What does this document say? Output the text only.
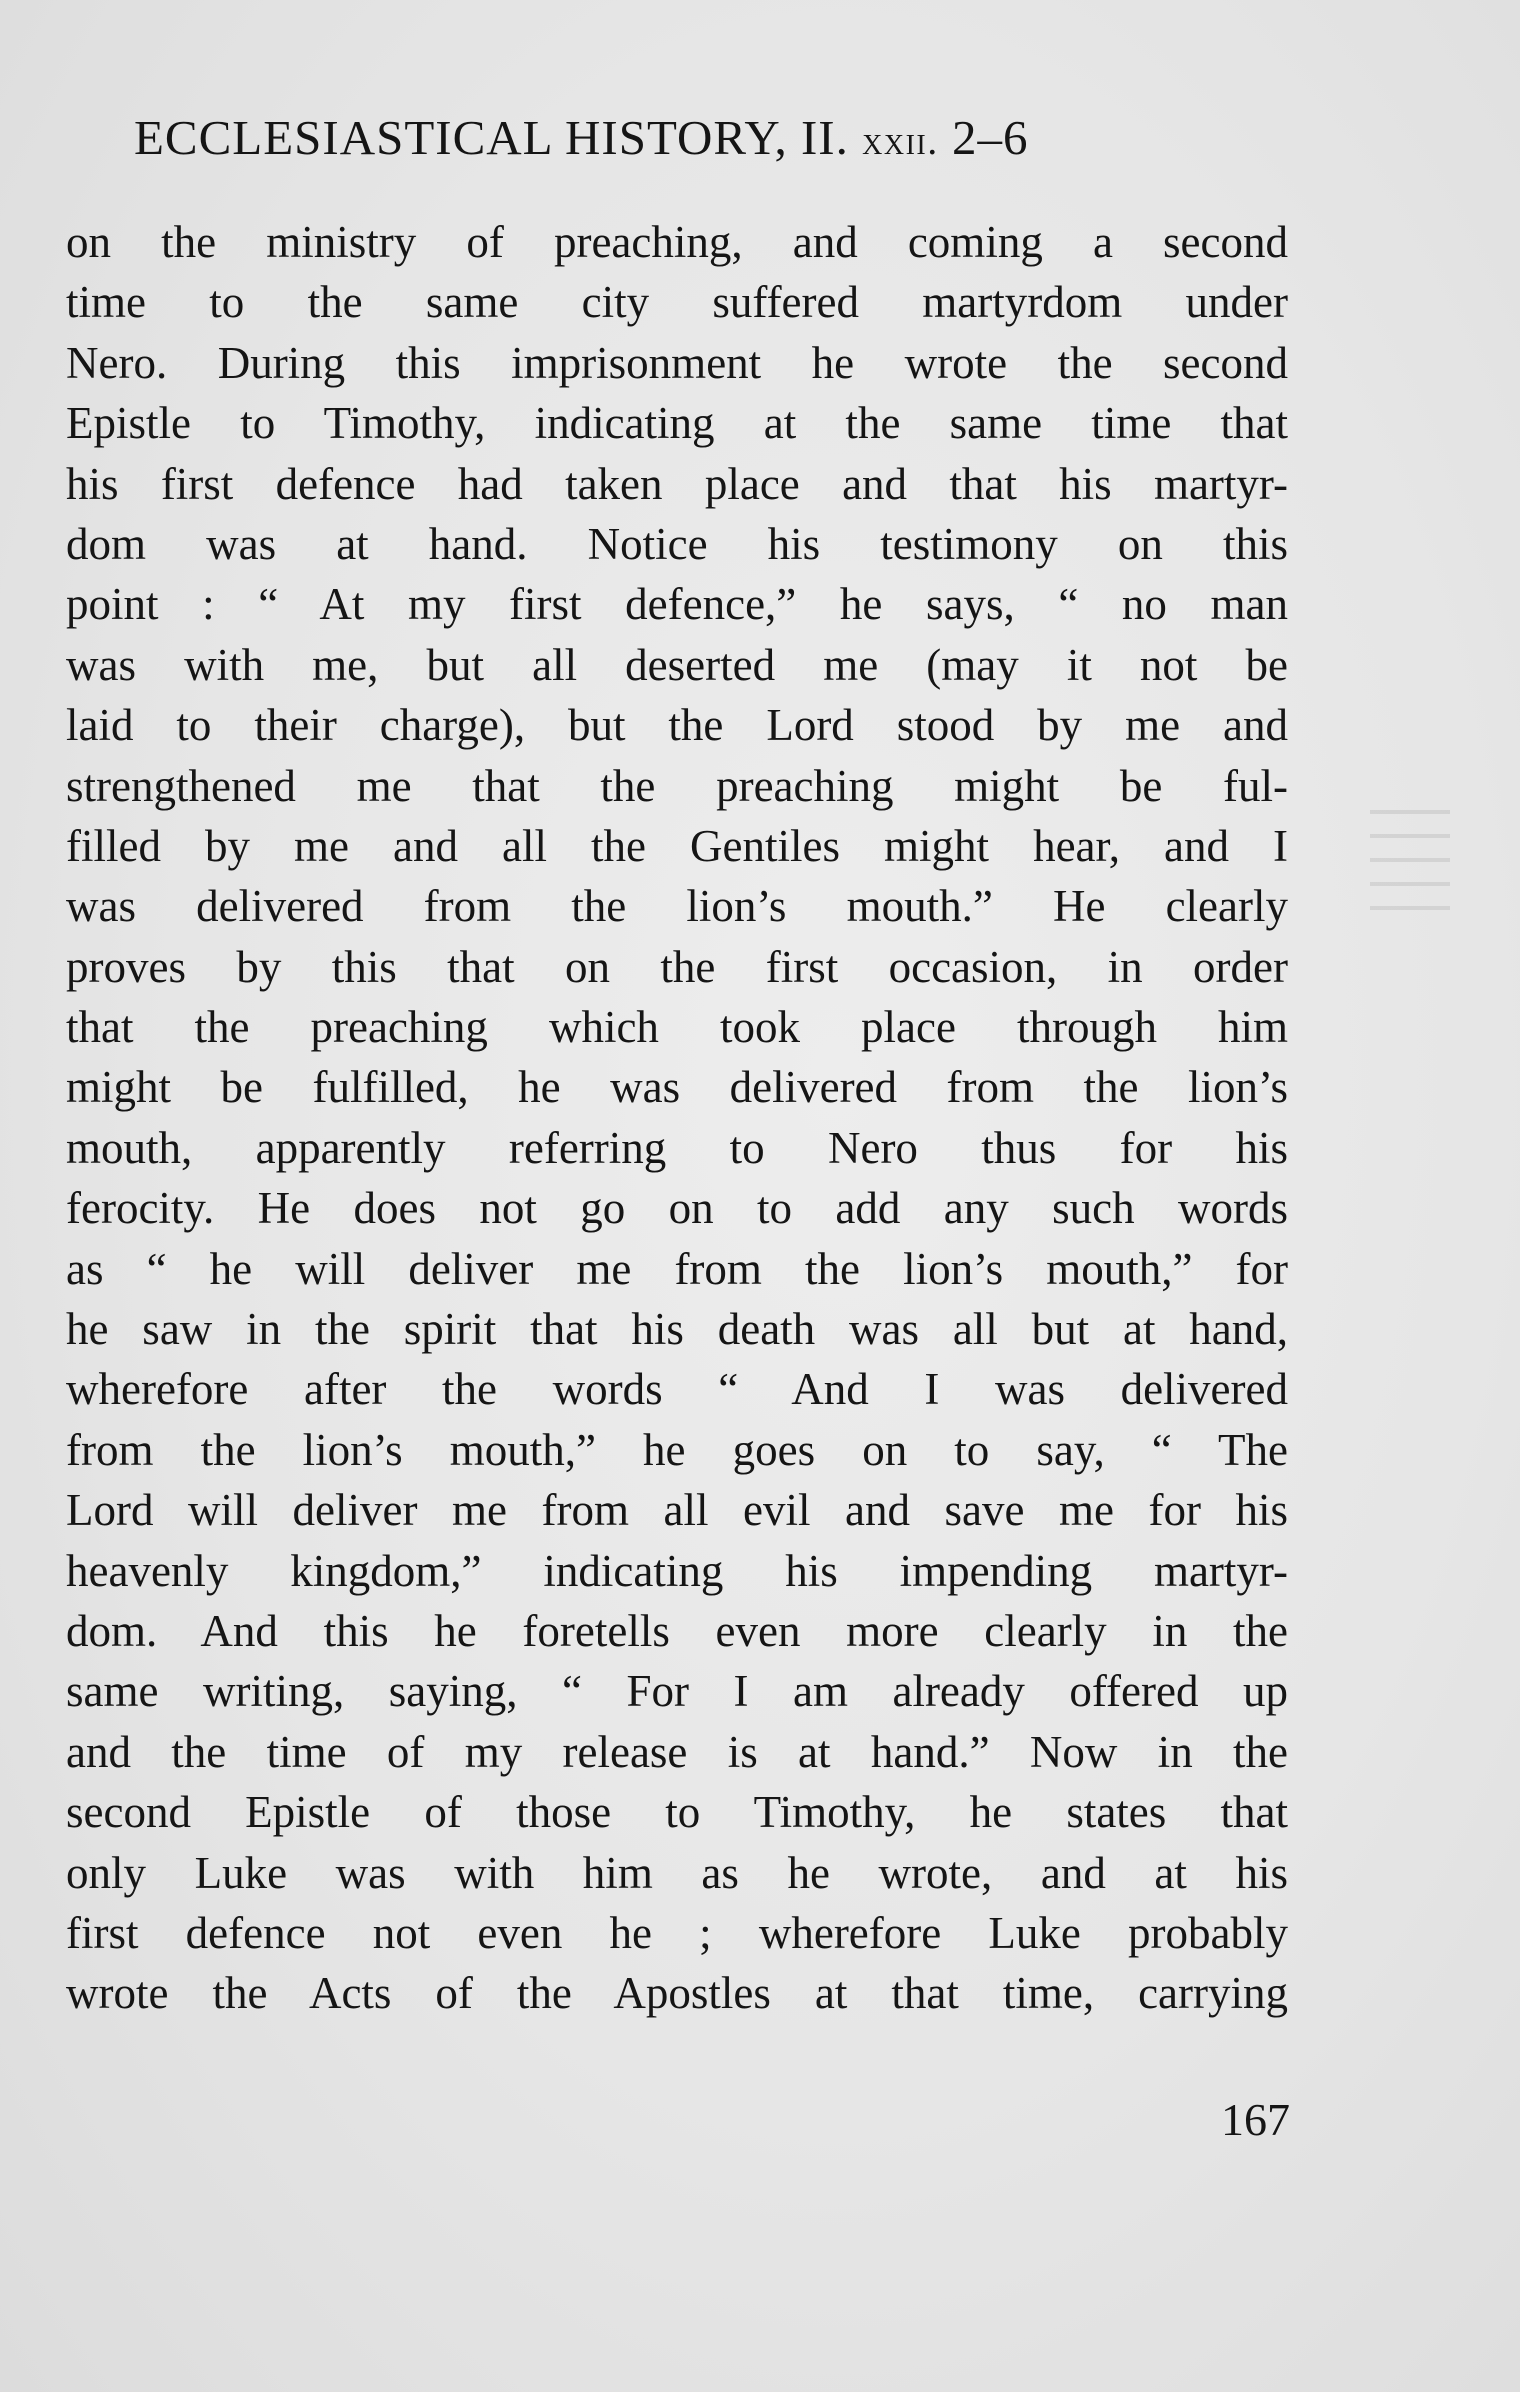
ECCLESIASTICAL HISTORY, II. xxii. 2–6
on the ministry of preaching, and coming a second
time to the same city suffered martyrdom under
Nero. During this imprisonment he wrote the second
Epistle to Timothy, indicating at the same time that
his first defence had taken place and that his martyr-
dom was at hand. Notice his testimony on this
point : “ At my first defence,” he says, “ no man
was with me, but all deserted me (may it not be
laid to their charge), but the Lord stood by me and
strengthened me that the preaching might be ful-
filled by me and all the Gentiles might hear, and I
was delivered from the lion’s mouth.” He clearly
proves by this that on the first occasion, in order
that the preaching which took place through him
might be fulfilled, he was delivered from the lion’s
mouth, apparently referring to Nero thus for his
ferocity. He does not go on to add any such words
as “ he will deliver me from the lion’s mouth,” for
he saw in the spirit that his death was all but at hand,
wherefore after the words “ And I was delivered
from the lion’s mouth,” he goes on to say, “ The
Lord will deliver me from all evil and save me for his
heavenly kingdom,” indicating his impending martyr-
dom. And this he foretells even more clearly in the
same writing, saying, “ For I am already offered up
and the time of my release is at hand.” Now in the
second Epistle of those to Timothy, he states that
only Luke was with him as he wrote, and at his
first defence not even he ; wherefore Luke probably
wrote the Acts of the Apostles at that time, carrying
167
